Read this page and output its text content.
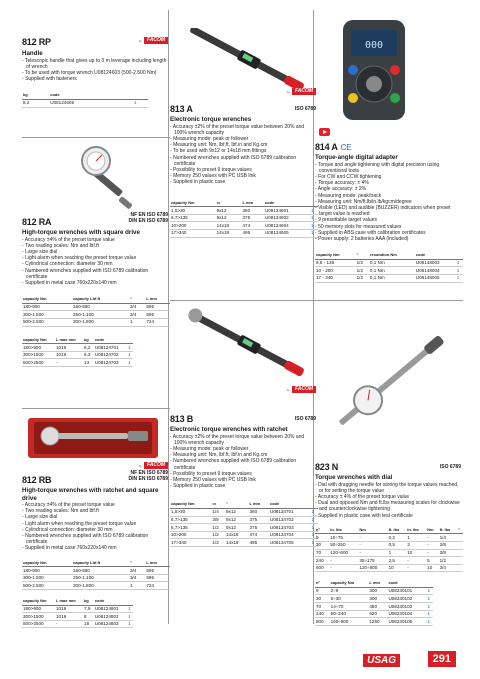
812 RP	by	FACOM
Handle
- Telescopic handle that gives up to 3 m leverage including length of wrench
- To be used with torque wrench U08124603 (500-2.500 Nm)
- Supplied with fasteners
kg	code	
8,2	U08124605	1
NF EN ISO 6789
DIN EN ISO 6789
812 RA
High-torque wrenches with square drive
- Accuracy ±4% of the preset torque value
- Two reading scales: Nm and lbf.ft
- Large size dial
- Light alarm when reaching the preset torque value
- Cylindrical connection: diameter 30 mm
- Numbered wrenches supplied with ISO 6789 calibration certificate
- Supplied in metal case 760x220x140 mm
capacity Nm	capacity Lbf.ft	"	L mm
180-900	150-650	3/4	595
300-1.500	250-1.100	3/4	595
500-2.500	300-1.800	1	724
capacity Nm	L max mm	kg	code	
180>900	1019	6,2	U08124701	1
300>1500	1019	6,3	U08124702	1
500>2500	-	13	U08124703	1
by	FACOM
NF EN ISO 6789
DIN EN ISO 6789
812 RB
High-torque wrenches with ratchet and square drive
- Accuracy ±4% of the preset torque value
- Two reading scales: Nm and lbf.ft
- Large size dial
- Light alarm when reaching the preset torque value
- Cylindrical connection: diameter 30 mm
- Numbered wrenches supplied with ISO 6789 calibration certificate
- Supplied in metal case 760x220x140 mm
capacity Nm	capacity Lbf.ft	"	L mm
180-900	150-650	3/4	595
300-1.500	250-1.100	3/4	595
500-2.500	300-1.800	1	724
capacity Nm	L max mm	kg	code	
180>900	1019	7,9	U08124801	1
300>1500	1019	8	U08124802	1
500>2500	-	18	U08124803	1
by	FACOM
ISO 6789
813 A
Electronic torque wrenches
- Accuracy ±2% of the preset torque value between 20% and 100% wrench capacity
- Measuring mode: peak or follower
- Measuring unit: Nm, lbf.ft, lbf.in and Kg.cm
- To be used with 9x12 or 14x18 mm fittings
- Numbered wrenches supplied with ISO 6789 calibration certificate
- Possibility to preset 9 torque values
- Memory 250 values with PC USB link
- Supplied in plastic case
capacity Nm	▭	L mm	code	
1,5>30	9x12	360	U08134601	1
6,7>135	9x12	375	U08134602	1
10>200	14x18	474	U08134604	1
17>340	14x18	495	U08134605	1
by	FACOM
ISO 6789
813 B
Electronic torque wrenches with ratchet
- Accuracy ±2% of the preset torque value between 20% and 100% wrench capacity
- Measuring mode: peak or follower
- Measuring unit: Nm, lbf.ft, lbf.in and Kg.cm
- Numbered wrenches supplied with ISO 6789 calibration certificate
- Possibility to preset 9 torque values
- Memory 250 values with PC USB link
- Supplied in plastic case
capacity Nm	▭	"	L mm	code	
1,5>30	1/4	9x12	360	U08134701	1
6,7>135	3/8	9x12	375	U08134702	1
6,7>135	1/2	9x12	375	U08134703	1
10>200	1/2	14x18	474	U08134704	1
17>340	1/2	14x18	495	U08134705	1
000
814 A CE
Torque-angle digital adapter
- Torque and angle tightening with digital precision using conventional tools
- For CW and CCW tightening
- Torque accuracy: ± 4%
- Angle accuracy: ± 2%
- Measuring mode: peak/track
- Measuring unit: Nm/ft.lb/in.lb/kgcm/degree
- Visible (LED) and audible (BUZZER) indicators when preset target value is reached
- 9 presettable target values
- 50 memory slots for measured values
- Supplied in ABS case with calibration certificates
- Power supply: 2 batteries AAA (included)
capacity Nm	"	resolution Nm	code	
6,8 - 135	1/2	0,1 Nm	U08148003	1
10 - 200	1/2	0,1 Nm	U08148004	1
17 - 340	1/2	0,1 Nm	U08148005	1
ISO 6789
823 N
Torque wrenches with dial
- Dial with dragging needle for storing the torque values reached, or for setting the torque value
- Accuracy ± 4% of the preset torque value
- Dual and opposed Nm and ft.lbs measuring scales for clockwise and counterclockwise tightening
- Supplied in plastic case with test certificate
n°	in. lbs	Nm	ft. lbs	in. lbs	Nm	ft. lbs	"
9	15÷75	-	0,2	1	-	1/4	
30	50÷250	-	0,5	3	-	3/8	
70	120÷600	-	1	10	-	3/8	
240	-	35÷175	2,5	-	5	1/2	
800	-	120÷600	10	-	10	3/4	
n°	capacity Nm	L mm	code	
9	2÷9	300	U08230101	1
30	6÷30	300	U08230102	1
70	14÷70	450	U08230103	1
240	50÷240	620	U08230104	1
800	160÷800	1250	U08230105	1
USAG	291
